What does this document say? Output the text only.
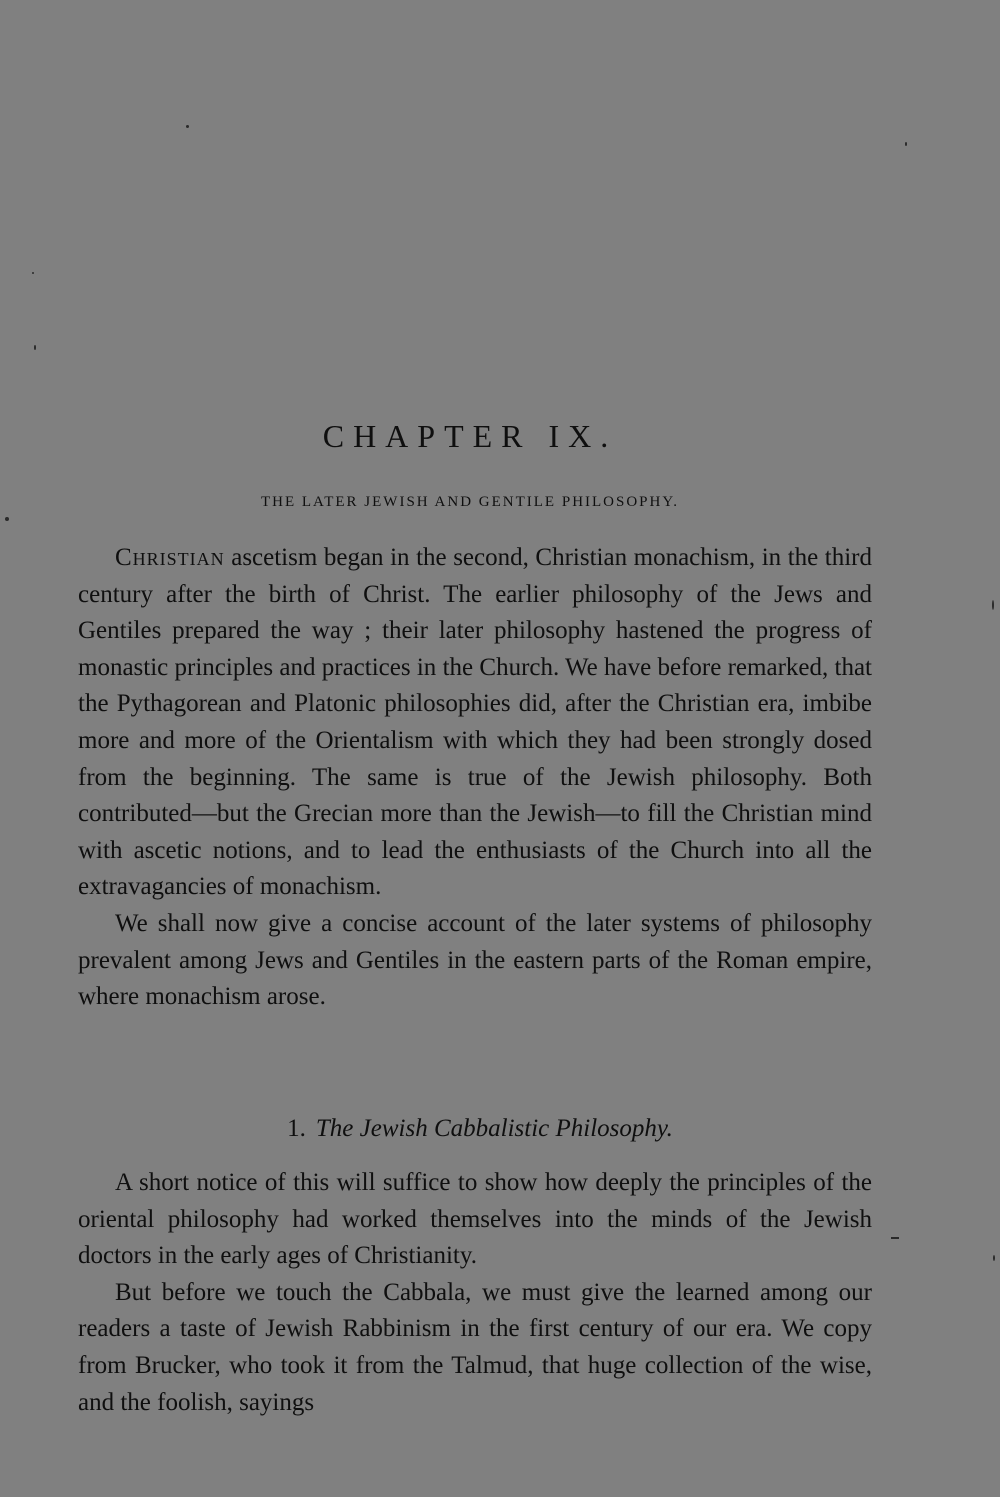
CHAPTER IX.
THE LATER JEWISH AND GENTILE PHILOSOPHY.

Christian ascetism began in the second, Christian monachism, in the third century after the birth of Christ. The earlier philosophy of the Jews and Gentiles prepared the way ; their later philosophy hastened the progress of monastic principles and practices in the Church. We have before remarked, that the Pythagorean and Platonic philosophies did, after the Christian era, imbibe more and more of the Orientalism with which they had been strongly dosed from the beginning. The same is true of the Jewish philosophy. Both contributed—but the Grecian more than the Jewish—to fill the Christian mind with ascetic notions, and to lead the enthusiasts of the Church into all the extravagancies of monachism.

We shall now give a concise account of the later systems of philosophy prevalent among Jews and Gentiles in the eastern parts of the Roman empire, where monachism arose.

1. The Jewish Cabbalistic Philosophy.

A short notice of this will suffice to show how deeply the principles of the oriental philosophy had worked themselves into the minds of the Jewish doctors in the early ages of Christianity.

But before we touch the Cabbala, we must give the learned among our readers a taste of Jewish Rabbinism in the first century of our era. We copy from Brucker, who took it from the Talmud, that huge collection of the wise, and the foolish, sayings
